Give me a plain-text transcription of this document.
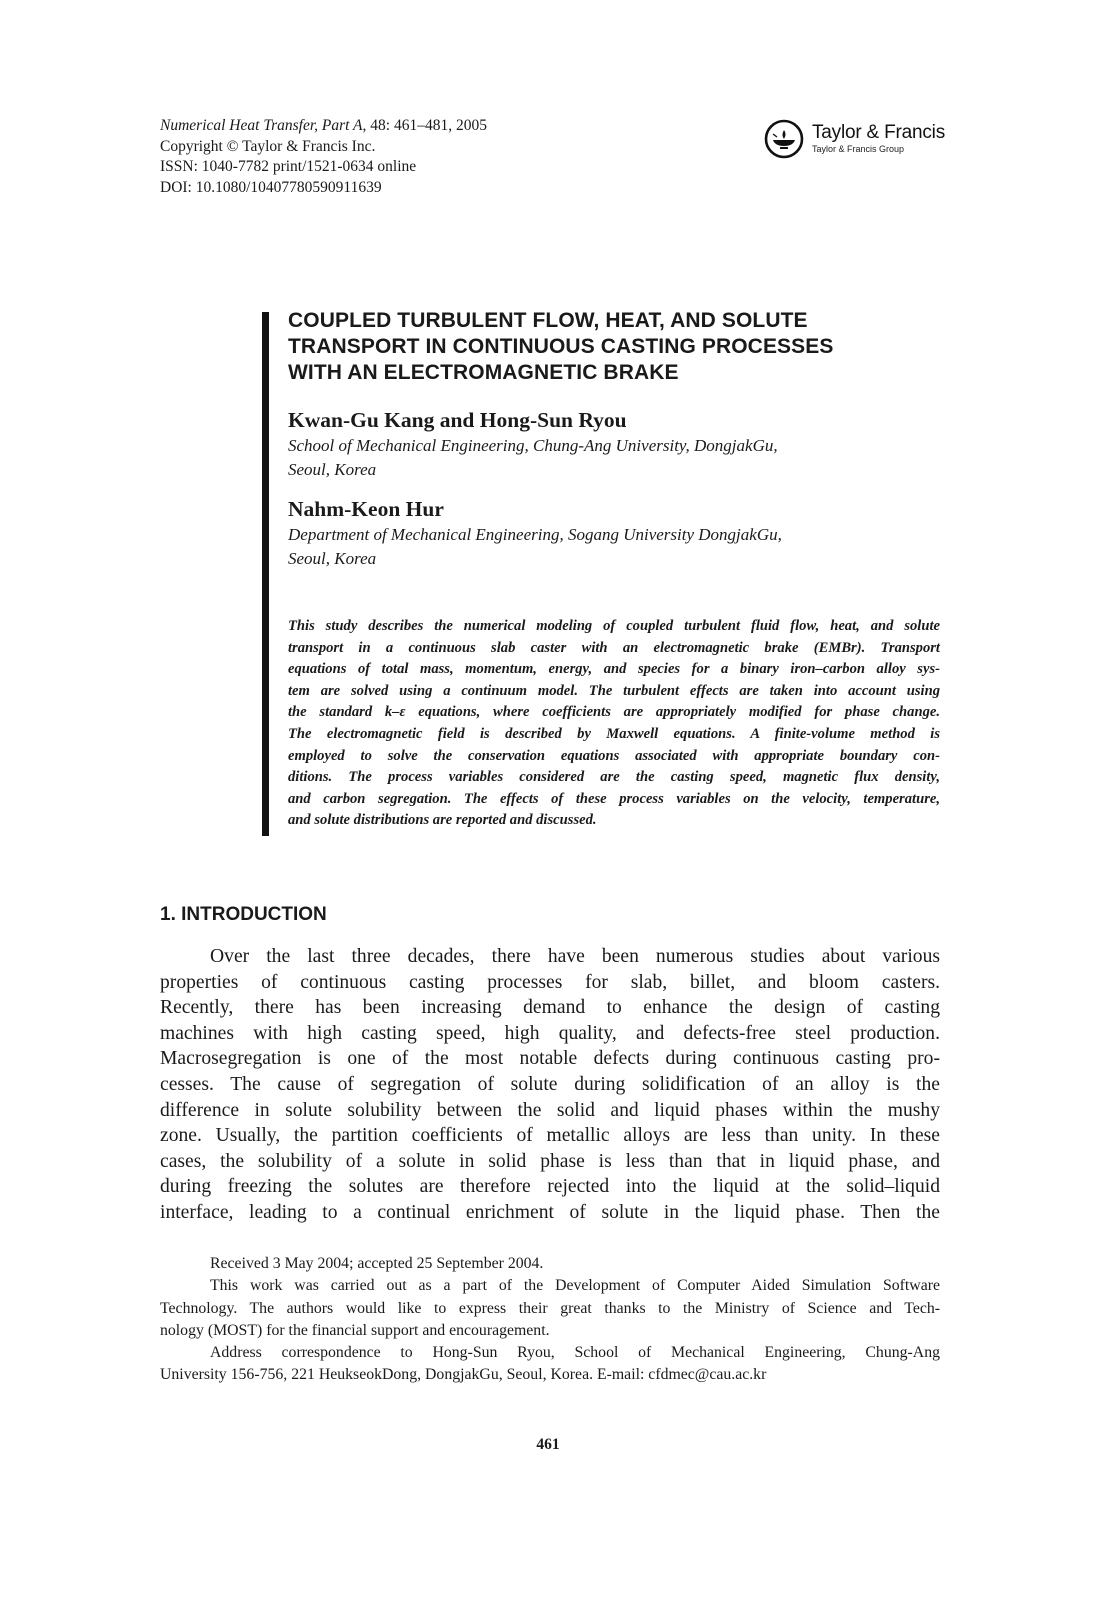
Numerical Heat Transfer, Part A, 48: 461–481, 2005
Copyright © Taylor & Francis Inc.
ISSN: 1040-7782 print/1521-0634 online
DOI: 10.1080/10407780590911639
Taylor & Francis
Taylor & Francis Group
COUPLED TURBULENT FLOW, HEAT, AND SOLUTE
TRANSPORT IN CONTINUOUS CASTING PROCESSES
WITH AN ELECTROMAGNETIC BRAKE
Kwan-Gu Kang and Hong-Sun Ryou
School of Mechanical Engineering, Chung-Ang University, DongjakGu,
Seoul, Korea
Nahm-Keon Hur
Department of Mechanical Engineering, Sogang University DongjakGu,
Seoul, Korea

This study describes the numerical modeling of coupled turbulent fluid flow, heat, and solute
transport in a continuous slab caster with an electromagnetic brake (EMBr). Transport
equations of total mass, momentum, energy, and species for a binary iron–carbon alloy sys-
tem are solved using a continuum model. The turbulent effects are taken into account using
the standard k–ε equations, where coefficients are appropriately modified for phase change.
The electromagnetic field is described by Maxwell equations. A finite-volume method is
employed to solve the conservation equations associated with appropriate boundary con-
ditions. The process variables considered are the casting speed, magnetic flux density,
and carbon segregation. The effects of these process variables on the velocity, temperature,
and solute distributions are reported and discussed.

1. INTRODUCTION

Over the last three decades, there have been numerous studies about various
properties of continuous casting processes for slab, billet, and bloom casters.
Recently, there has been increasing demand to enhance the design of casting
machines with high casting speed, high quality, and defects-free steel production.
Macrosegregation is one of the most notable defects during continuous casting pro-
cesses. The cause of segregation of solute during solidification of an alloy is the
difference in solute solubility between the solid and liquid phases within the mushy
zone. Usually, the partition coefficients of metallic alloys are less than unity. In these
cases, the solubility of a solute in solid phase is less than that in liquid phase, and
during freezing the solutes are therefore rejected into the liquid at the solid–liquid
interface, leading to a continual enrichment of solute in the liquid phase. Then the

Received 3 May 2004; accepted 25 September 2004.
This work was carried out as a part of the Development of Computer Aided Simulation Software
Technology. The authors would like to express their great thanks to the Ministry of Science and Tech-
nology (MOST) for the financial support and encouragement.
Address correspondence to Hong-Sun Ryou, School of Mechanical Engineering, Chung-Ang
University 156-756, 221 HeukseokDong, DongjakGu, Seoul, Korea. E-mail: cfdmec@cau.ac.kr
461
